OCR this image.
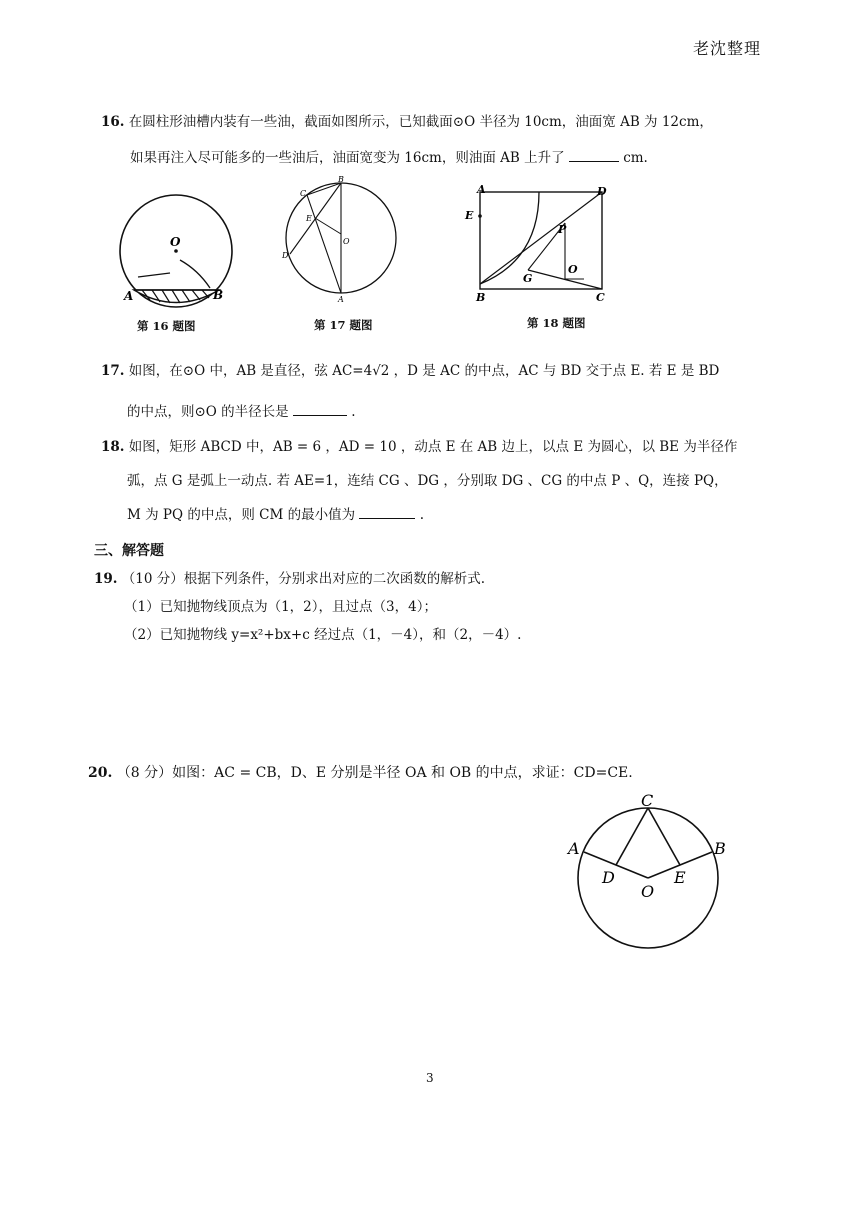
老沈整理
16. 在圆柱形油槽内装有一些油，截面如图所示，已知截面⊙O 半径为 10cm，油面宽 AB 为 12cm，
如果再注入尽可能多的一些油后，油面宽变为 16cm，则油面 AB 上升了	cm.
O
A	B
第 16 题图
B
C
E
O
D
A
第 17 题图
A	D
E
P
O
G
B	C
第 18 题图
17. 如图，在⊙O 中，AB 是直径，弦 AC=4√2 ，D 是 AC 的中点，AC 与 BD 交于点 E. 若 E 是 BD
的中点，则⊙O 的半径长是	.
18. 如图，矩形 ABCD 中，AB = 6 ，AD = 10 ，动点 E 在 AB 边上，以点 E 为圆心，以 BE 为半径作
弧，点 G 是弧上一动点. 若 AE=1，连结 CG 、DG ，分别取 DG 、CG 的中点 P 、Q，连接 PQ，
M 为 PQ 的中点，则 CM 的最小值为	.
三、解答题
19. （10 分）根据下列条件，分别求出对应的二次函数的解析式.
（1）已知抛物线顶点为（1，2），且过点（3，4）；
（2）已知抛物线 y=x²+bx+c 经过点（1，－4），和（2，－4）.
20. （8 分）如图：AC = CB，D、E 分别是半径 OA 和 OB 的中点，求证：CD=CE.
C
A	B
D
O
E
3
